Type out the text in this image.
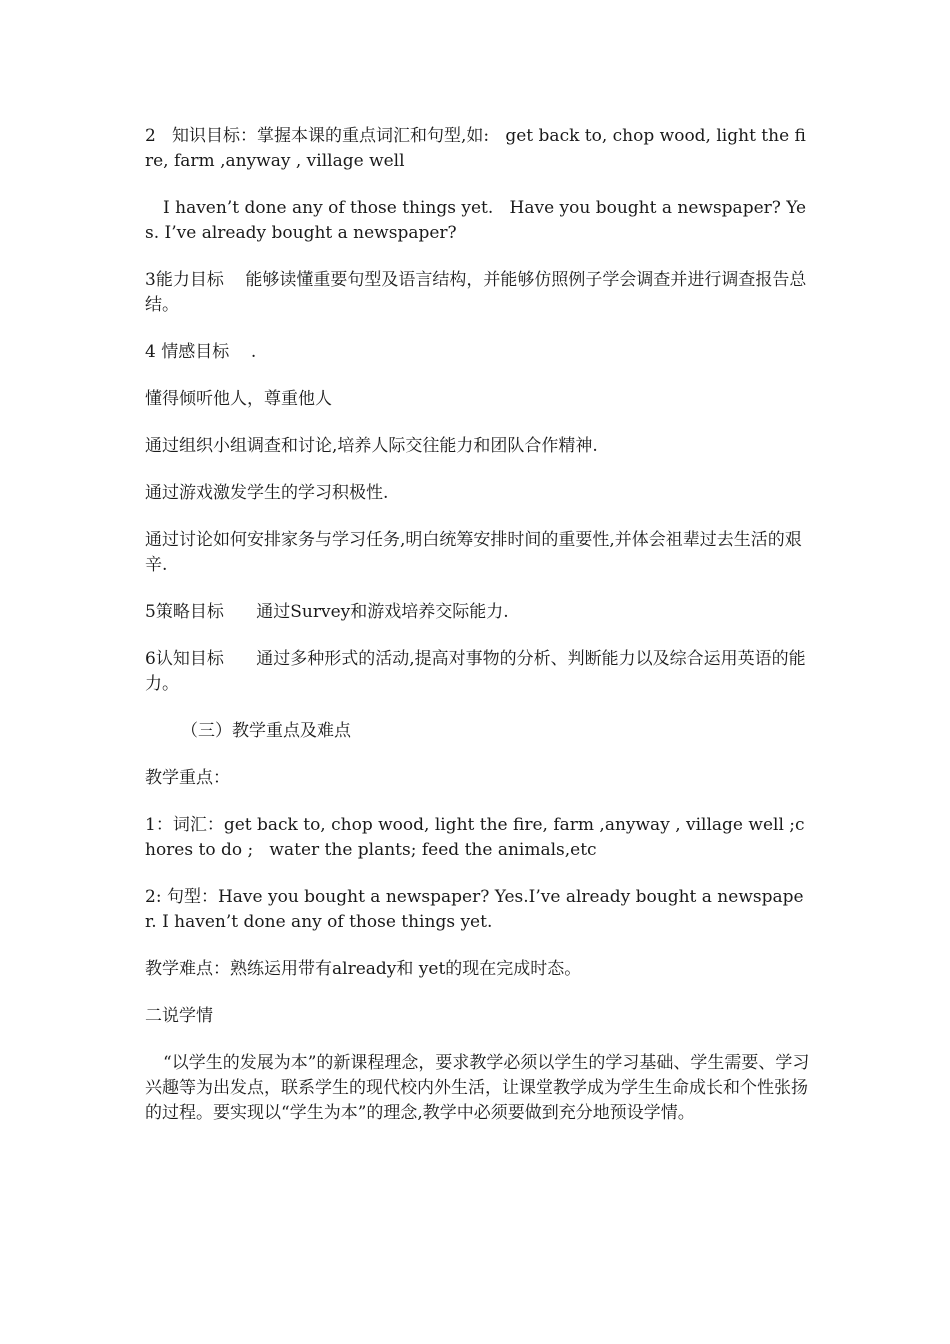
2   知识目标：掌握本课的重点词汇和句型,如:   get back to, chop wood, light the fire, farm ,anyway , village well

I haven’t done any of those things yet.   Have you bought a newspaper? Yes. I’ve already bought a newspaper?

3能力目标    能够读懂重要句型及语言结构，并能够仿照例子学会调查并进行调查报告总结。

4 情感目标    .

懂得倾听他人，尊重他人

通过组织小组调查和讨论,培养人际交往能力和团队合作精神.

通过游戏激发学生的学习积极性.

通过讨论如何安排家务与学习任务,明白统筹安排时间的重要性,并体会祖辈过去生活的艰辛.

5策略目标      通过Survey和游戏培养交际能力.

6认知目标      通过多种形式的活动,提高对事物的分析、判断能力以及综合运用英语的能力。

（三）教学重点及难点

教学重点：

1：词汇：get back to, chop wood, light the fire, farm ,anyway , village well ;chores to do ;   water the plants; feed the animals,etc

2: 句型：Have you bought a newspaper? Yes.I’ve already bought a newspaper. I haven’t done any of those things yet.

教学难点：熟练运用带有already和 yet的现在完成时态。

二说学情

“以学生的发展为本”的新课程理念，要求教学必须以学生的学习基础、学生需要、学习兴趣等为出发点，联系学生的现代校内外生活，让课堂教学成为学生生命成长和个性张扬的过程。要实现以“学生为本”的理念,教学中必须要做到充分地预设学情。
